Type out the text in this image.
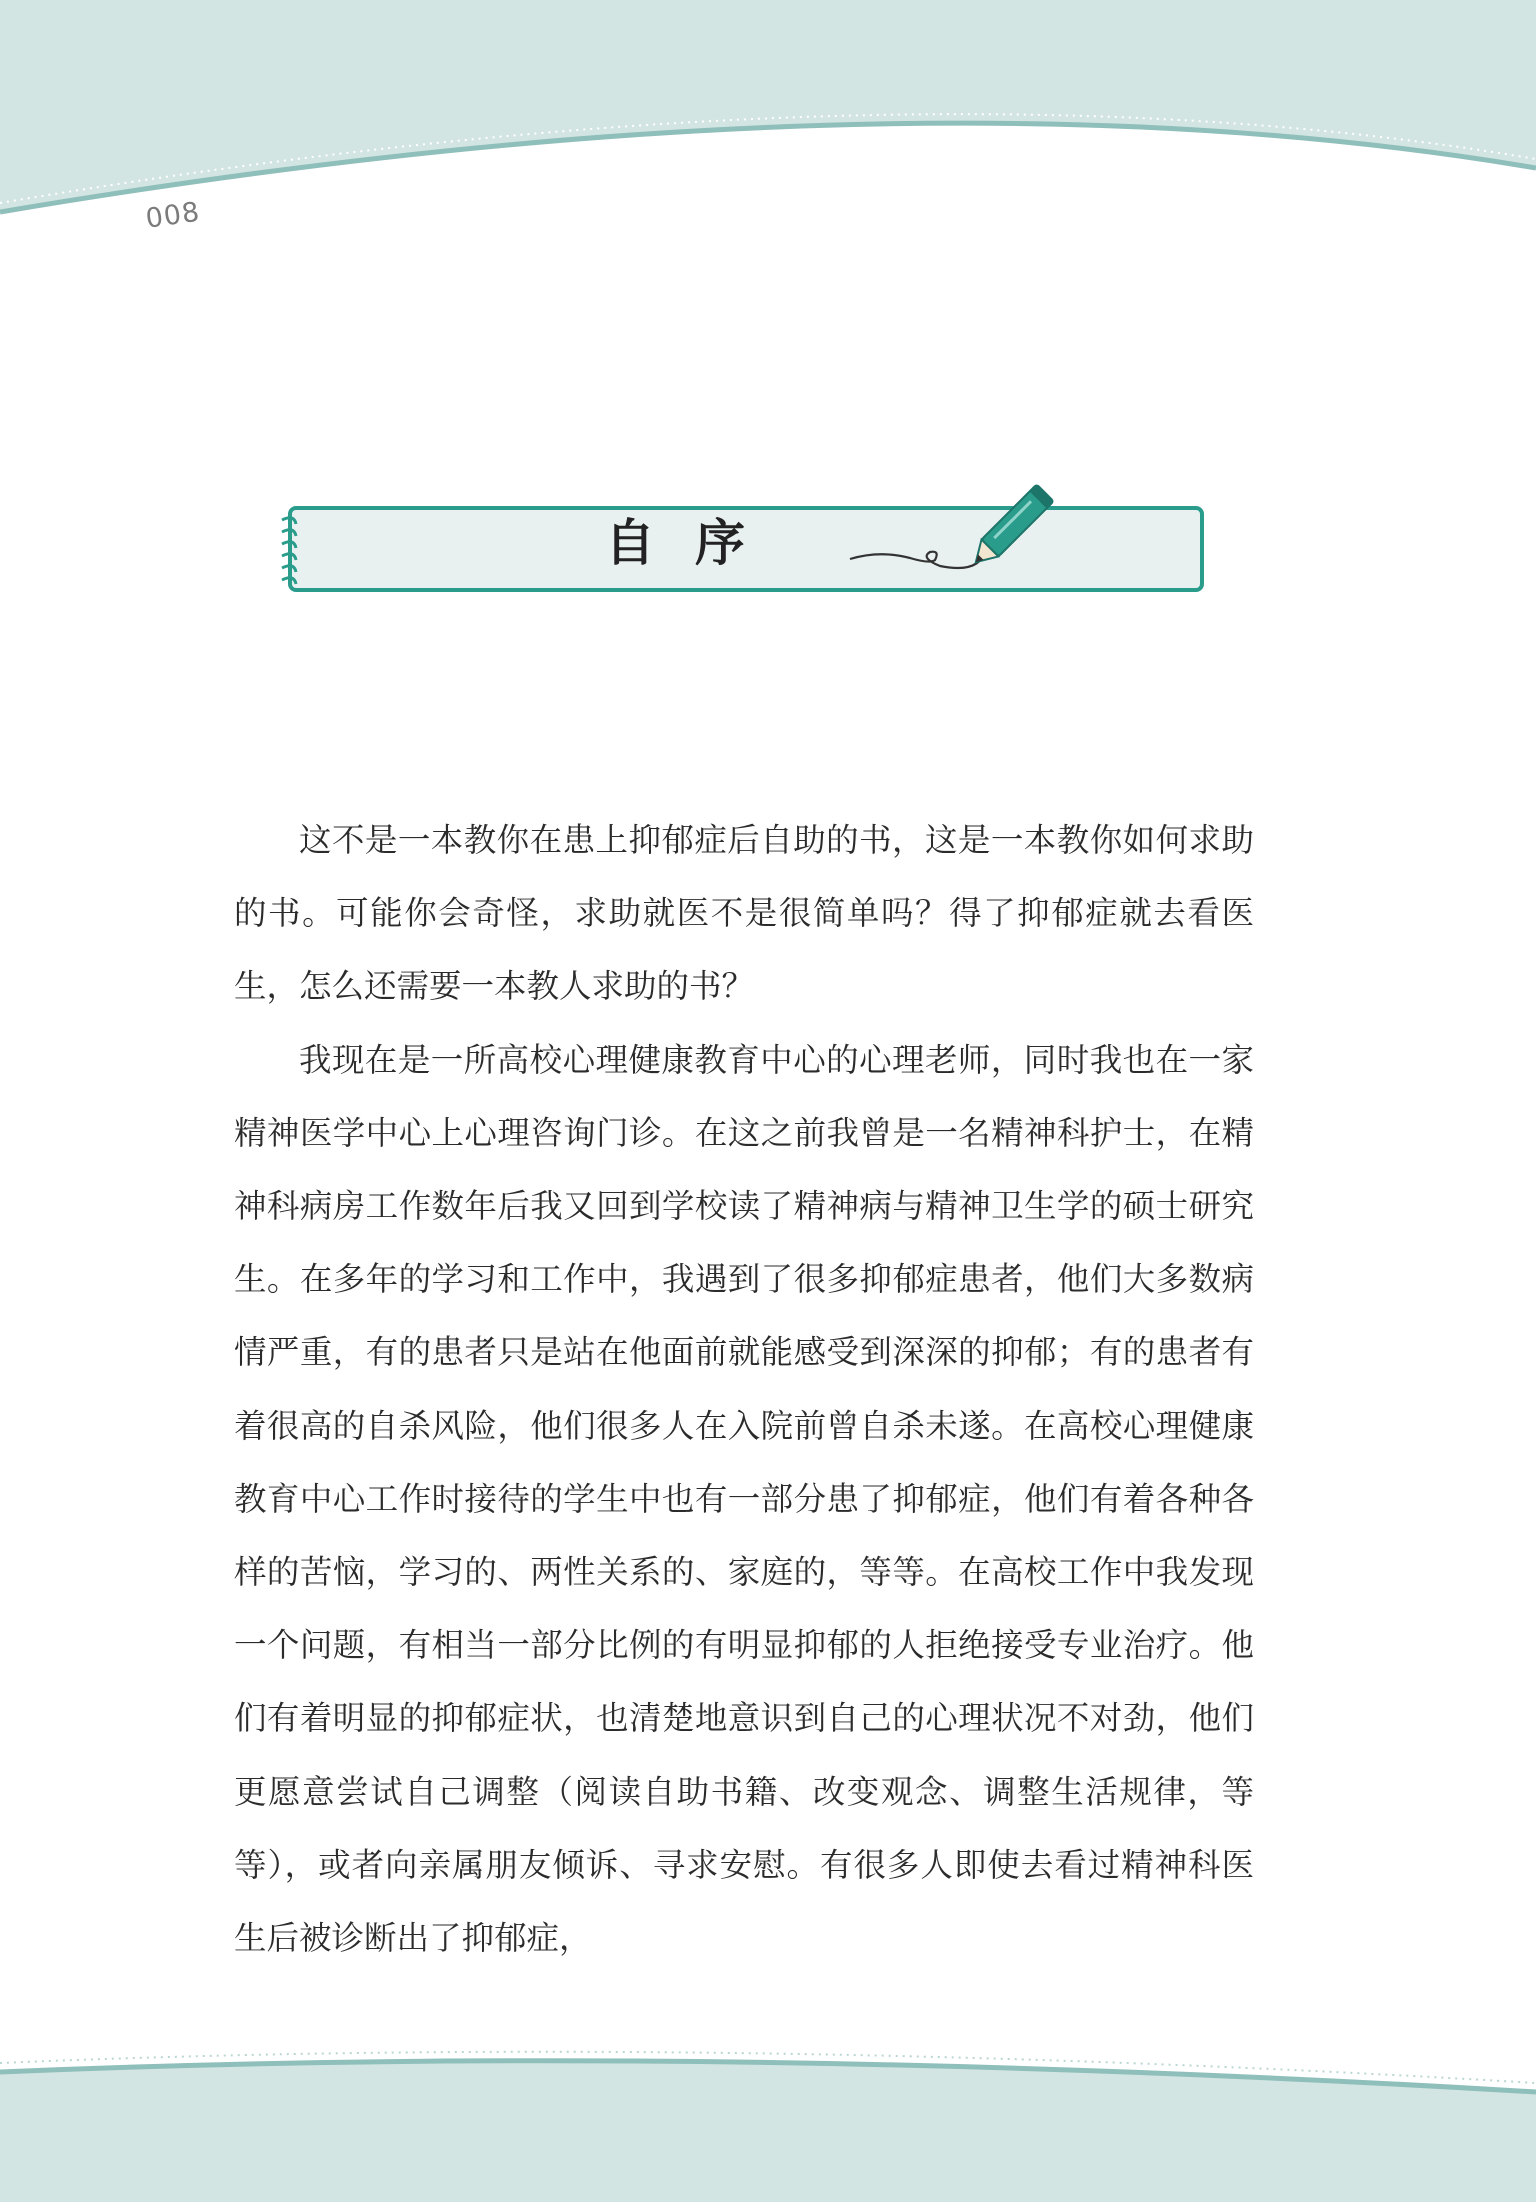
008
自序

这不是一本教你在患上抑郁症后自助的书，这是一本教你如何求助的书。可能你会奇怪，求助就医不是很简单吗？得了抑郁症就去看医生，怎么还需要一本教人求助的书？

我现在是一所高校心理健康教育中心的心理老师，同时我也在一家精神医学中心上心理咨询门诊。在这之前我曾是一名精神科护士，在精神科病房工作数年后我又回到学校读了精神病与精神卫生学的硕士研究生。在多年的学习和工作中，我遇到了很多抑郁症患者，他们大多数病情严重，有的患者只是站在他面前就能感受到深深的抑郁；有的患者有着很高的自杀风险，他们很多人在入院前曾自杀未遂。在高校心理健康教育中心工作时接待的学生中也有一部分患了抑郁症，他们有着各种各样的苦恼，学习的、两性关系的、家庭的，等等。在高校工作中我发现一个问题，有相当一部分比例的有明显抑郁的人拒绝接受专业治疗。他们有着明显的抑郁症状，也清楚地意识到自己的心理状况不对劲，他们更愿意尝试自己调整（阅读自助书籍、改变观念、调整生活规律，等等），或者向亲属朋友倾诉、寻求安慰。有很多人即使去看过精神科医生后被诊断出了抑郁症，
